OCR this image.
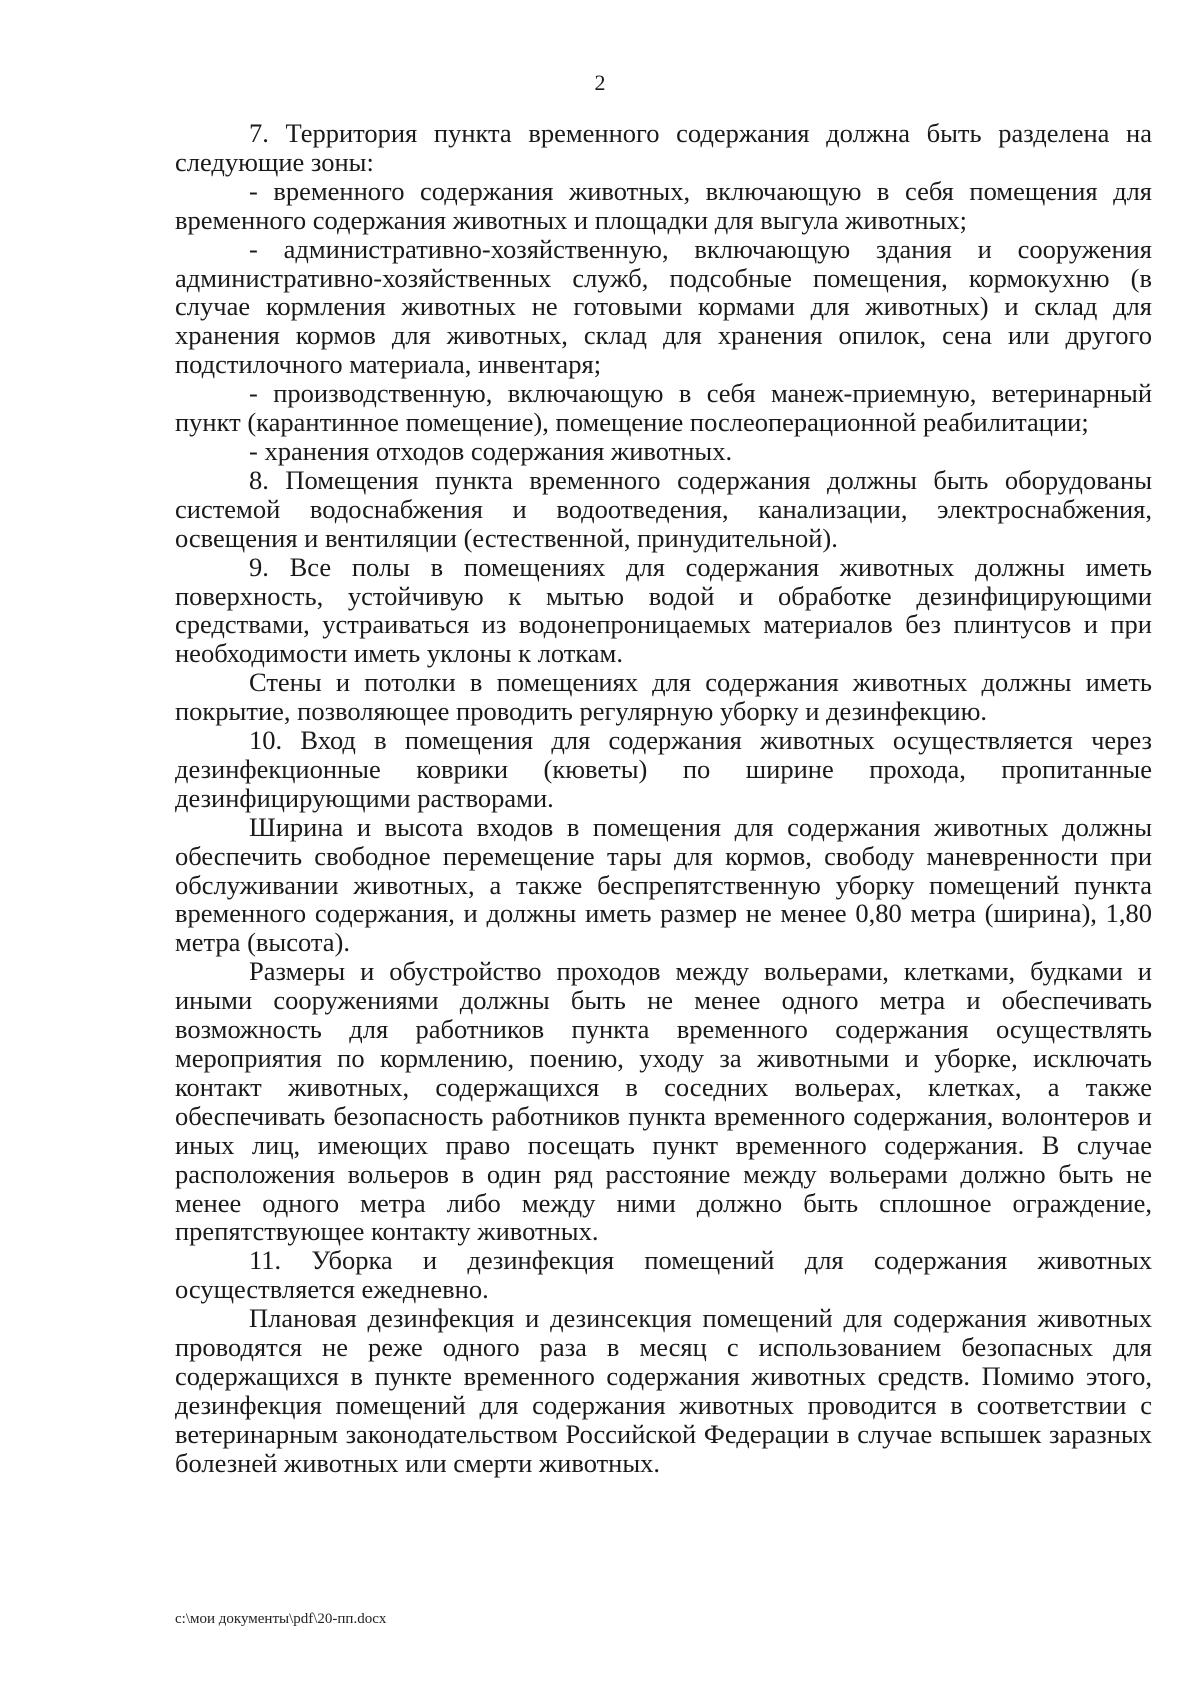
2

7. Территория пункта временного содержания должна быть разделена на следующие зоны:

- временного содержания животных, включающую в себя помещения для временного содержания животных и площадки для выгула животных;

- административно-хозяйственную, включающую здания и сооружения административно-хозяйственных служб, подсобные помещения, кормокухню (в случае кормления животных не готовыми кормами для животных) и склад для хранения кормов для животных, склад для хранения опилок, сена или другого подстилочного материала, инвентаря;

- производственную, включающую в себя манеж-приемную, ветеринарный пункт (карантинное помещение), помещение послеоперационной реабилитации;

- хранения отходов содержания животных.

8. Помещения пункта временного содержания должны быть оборудованы системой водоснабжения и водоотведения, канализации, электроснабжения, освещения и вентиляции (естественной, принудительной).

9. Все полы в помещениях для содержания животных должны иметь поверхность, устойчивую к мытью водой и обработке дезинфицирующими средствами, устраиваться из водонепроницаемых материалов без плинтусов и при необходимости иметь уклоны к лоткам.

Стены и потолки в помещениях для содержания животных должны иметь покрытие, позволяющее проводить регулярную уборку и дезинфекцию.

10. Вход в помещения для содержания животных осуществляется через дезинфекционные коврики (кюветы) по ширине прохода, пропитанные дезинфицирующими растворами.

Ширина и высота входов в помещения для содержания животных должны обеспечить свободное перемещение тары для кормов, свободу маневренности при обслуживании животных, а также беспрепятственную уборку помещений пункта временного содержания, и должны иметь размер не менее 0,80 метра (ширина), 1,80 метра (высота).

Размеры и обустройство проходов между вольерами, клетками, будками и иными сооружениями должны быть не менее одного метра и обеспечивать возможность для работников пункта временного содержания осуществлять мероприятия по кормлению, поению, уходу за животными и уборке, исключать контакт животных, содержащихся в соседних вольерах, клетках, а также обеспечивать безопасность работников пункта временного содержания, волонтеров и иных лиц, имеющих право посещать пункт временного содержания. В случае расположения вольеров в один ряд расстояние между вольерами должно быть не менее одного метра либо между ними должно быть сплошное ограждение, препятствующее контакту животных.

11. Уборка и дезинфекция помещений для содержания животных осуществляется ежедневно.

Плановая дезинфекция и дезинсекция помещений для содержания животных проводятся не реже одного раза в месяц с использованием безопасных для содержащихся в пункте временного содержания животных средств. Помимо этого, дезинфекция помещений для содержания животных проводится в соответствии с ветеринарным законодательством Российской Федерации в случае вспышек заразных болезней животных или смерти животных.

c:\мои документы\pdf\20-пп.docx
